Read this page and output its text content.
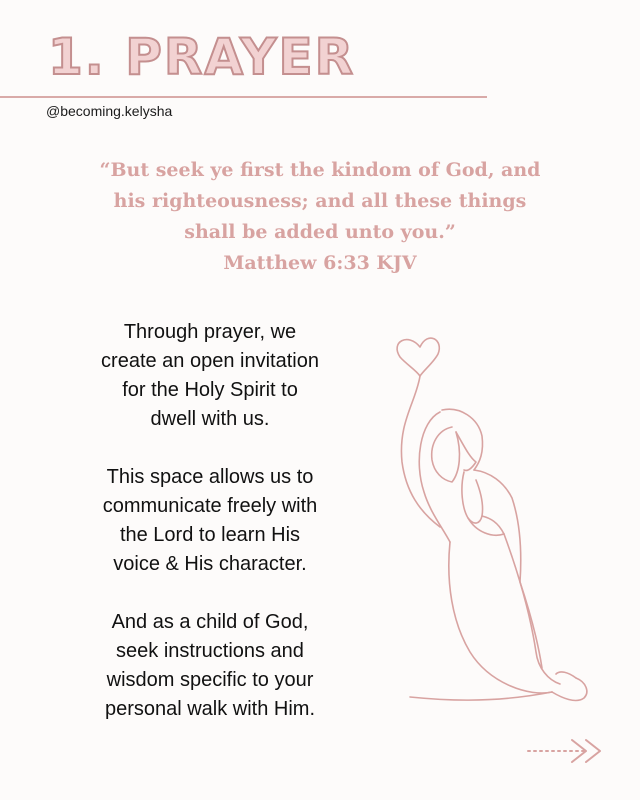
1. PRAYER
@becoming.kelysha
“But seek ye first the kindom of God, and
his righteousness; and all these things
shall be added unto you.”
Matthew 6:33 KJV

Through prayer, we
create an open invitation
for the Holy Spirit to
dwell with us.

This space allows us to
communicate freely with
the Lord to learn His
voice & His character.

And as a child of God,
seek instructions and
wisdom specific to your
personal walk with Him.
